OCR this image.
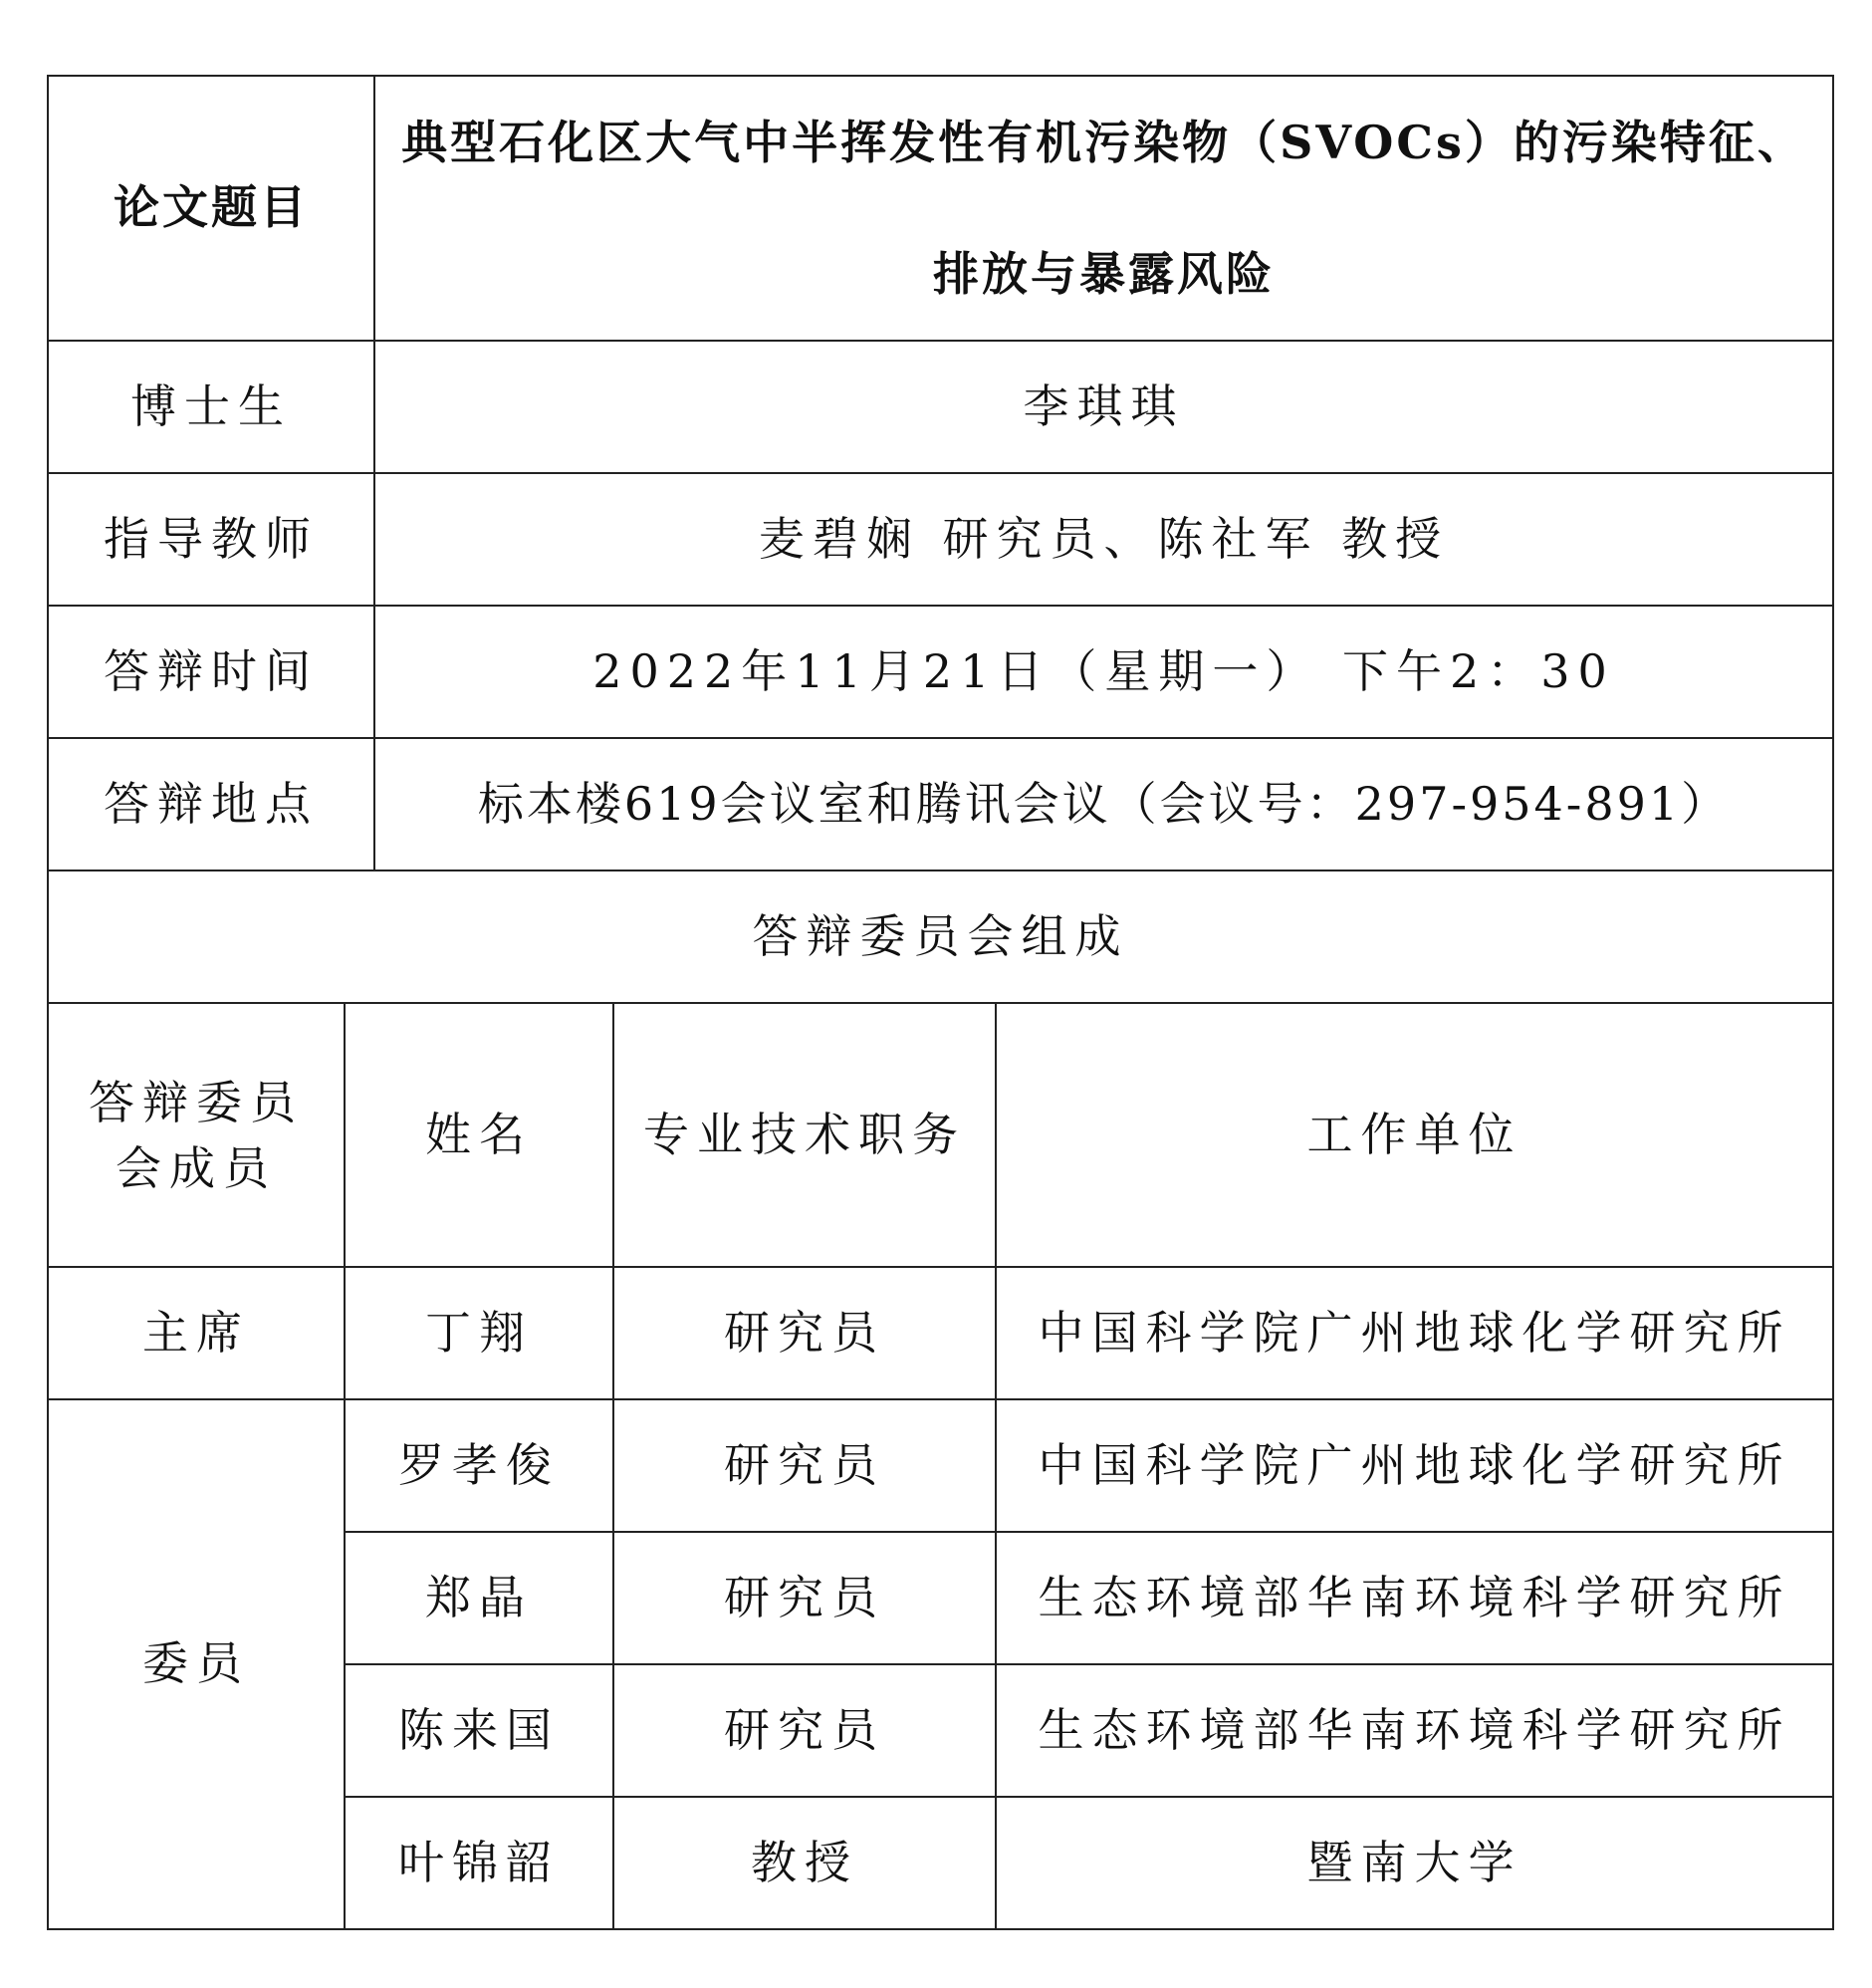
论文题目		典型石化区大气中半挥发性有机污染物（SVOCs）的污染特征、排放与暴露风险		
博士生		李琪琪		
指导教师		麦碧娴 研究员、陈社军 教授		
答辩时间		2022年11月21日（星期一） 下午2：30		
答辩地点		标本楼619会议室和腾讯会议（会议号：297-954-891）		
答辩委员会组成				
答辩委员会成员	姓名		专业技术职务	工作单位
主席	丁翔		研究员	中国科学院广州地球化学研究所
委员	罗孝俊		研究员	中国科学院广州地球化学研究所
	郑晶		研究员	生态环境部华南环境科学研究所
	陈来国		研究员	生态环境部华南环境科学研究所
	叶锦韶		教授	暨南大学
